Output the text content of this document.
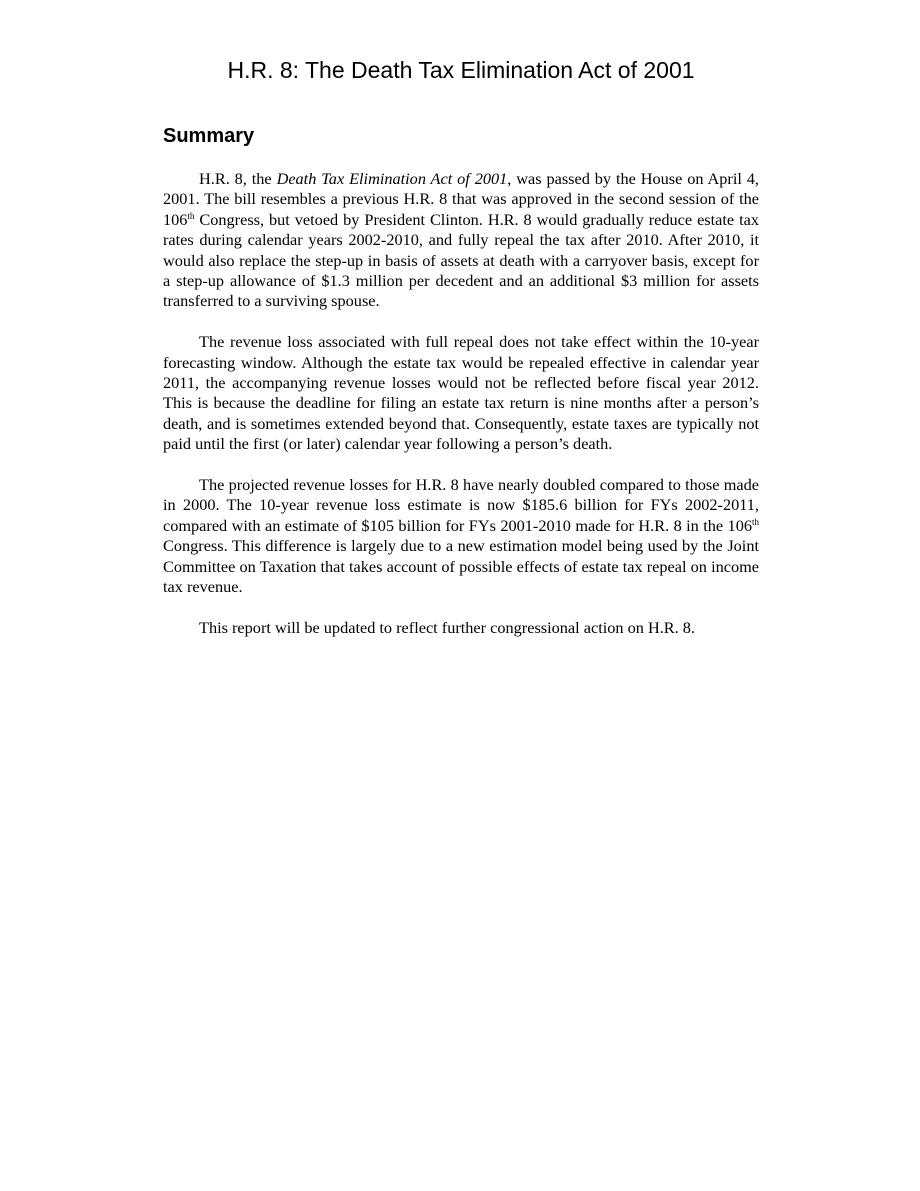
H.R. 8: The Death Tax Elimination Act of 2001
Summary

H.R. 8, the Death Tax Elimination Act of 2001, was passed by the House on April 4, 2001. The bill resembles a previous H.R. 8 that was approved in the second session of the 106th Congress, but vetoed by President Clinton. H.R. 8 would gradually reduce estate tax rates during calendar years 2002-2010, and fully repeal the tax after 2010. After 2010, it would also replace the step-up in basis of assets at death with a carryover basis, except for a step-up allowance of $1.3 million per decedent and an additional $3 million for assets transferred to a surviving spouse.

The revenue loss associated with full repeal does not take effect within the 10-year forecasting window. Although the estate tax would be repealed effective in calendar year 2011, the accompanying revenue losses would not be reflected before fiscal year 2012. This is because the deadline for filing an estate tax return is nine months after a person’s death, and is sometimes extended beyond that. Consequently, estate taxes are typically not paid until the first (or later) calendar year following a person’s death.

The projected revenue losses for H.R. 8 have nearly doubled compared to those made in 2000. The 10-year revenue loss estimate is now $185.6 billion for FYs 2002-2011, compared with an estimate of $105 billion for FYs 2001-2010 made for H.R. 8 in the 106th Congress. This difference is largely due to a new estimation model being used by the Joint Committee on Taxation that takes account of possible effects of estate tax repeal on income tax revenue.

This report will be updated to reflect further congressional action on H.R. 8.
